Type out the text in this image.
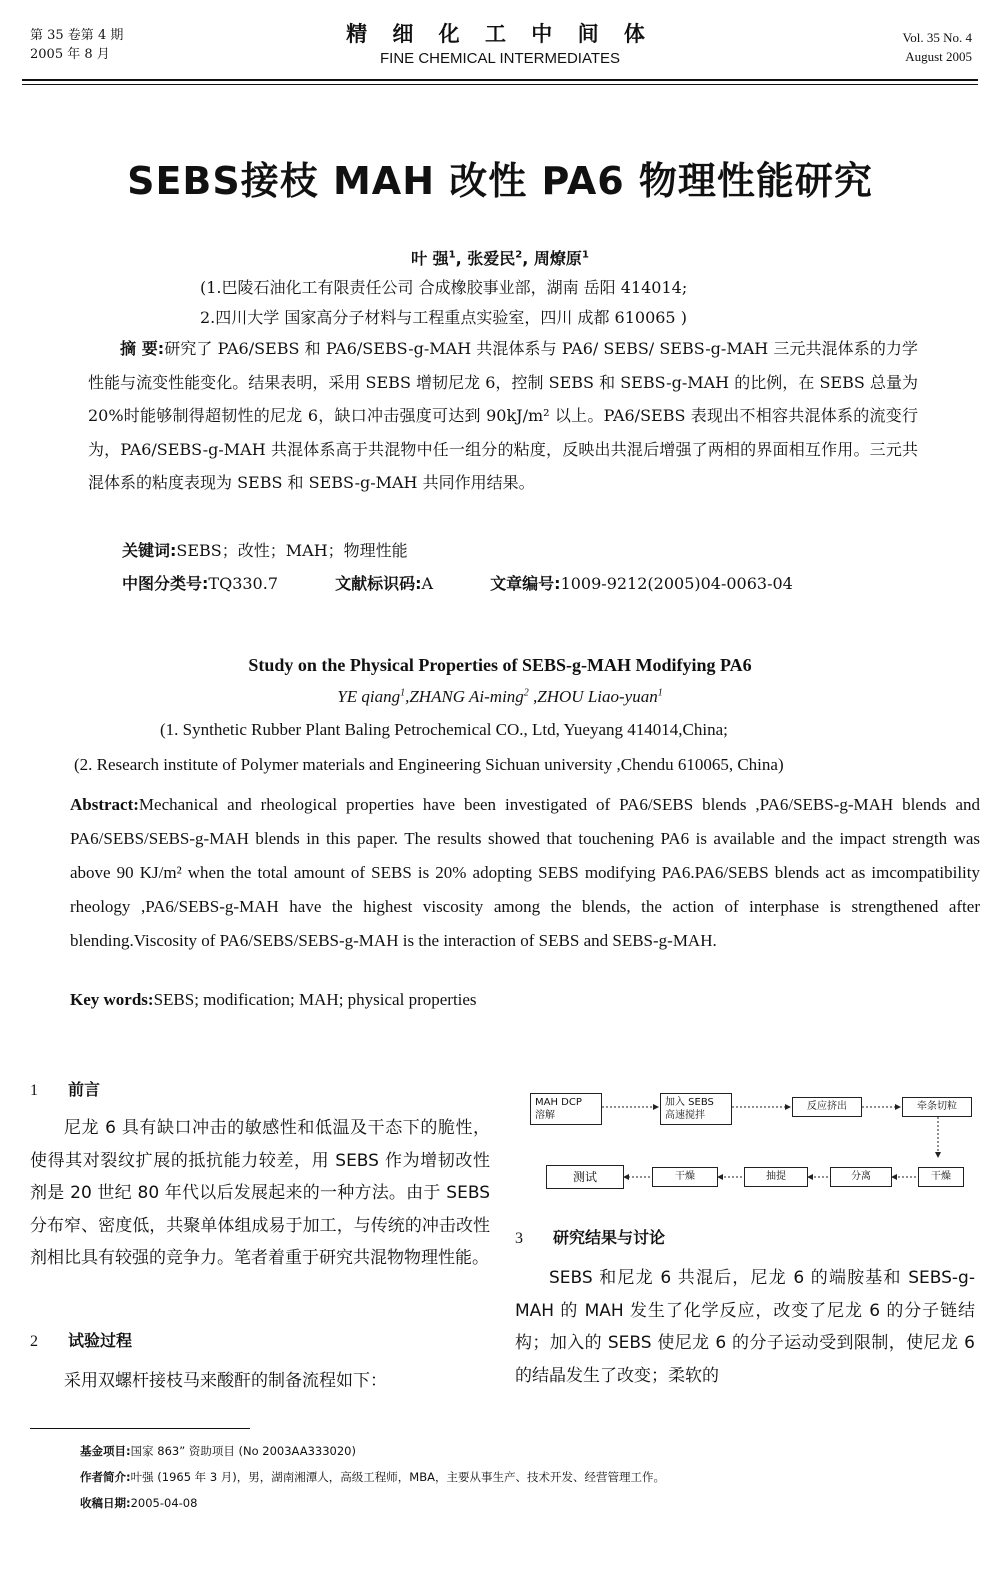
第 35 卷第 4 期
2005 年 8 月
精 细 化 工 中 间 体
FINE CHEMICAL INTERMEDIATES
Vol. 35 No. 4
August 2005
SEBS接枝 MAH 改性 PA6 物理性能研究
叶 强$^1$, 张爱民$^2$, 周燎原$^1$
(1.巴陵石油化工有限责任公司 合成橡胶事业部，湖南 岳阳 414014;
2.四川大学 国家高分子材料与工程重点实验室，四川 成都 610065 )

摘 要:研究了 PA6/SEBS 和 PA6/SEBS-g-MAH 共混体系与 PA6/ SEBS/ SEBS-g-MAH 三元共混体系的力学性能与流变性能变化。结果表明，采用 SEBS 增韧尼龙 6，控制 SEBS 和 SEBS-g-MAH 的比例，在 SEBS 总量为 20%时能够制得超韧性的尼龙 6，缺口冲击强度可达到 90kJ/m² 以上。PA6/SEBS 表现出不相容共混体系的流变行为，PA6/SEBS-g-MAH 共混体系高于共混物中任一组分的粘度，反映出共混后增强了两相的界面相互作用。三元共混体系的粘度表现为 SEBS 和 SEBS-g-MAH 共同作用结果。

关键词:SEBS；改性；MAH；物理性能
中图分类号:TQ330.7	文献标识码:A	文章编号:1009-9212(2005)04-0063-04
Study on the Physical Properties of SEBS-g-MAH Modifying PA6
YE qiang$^1$,ZHANG Ai-ming$^2$ ,ZHOU Liao-yuan$^1$
(1. Synthetic Rubber Plant Baling Petrochemical CO., Ltd, Yueyang 414014,China;
(2. Research institute of Polymer materials and Engineering Sichuan university ,Chendu 610065, China)

Abstract:Mechanical and rheological properties have been investigated of PA6/SEBS blends ,PA6/SEBS-g-MAH blends and PA6/SEBS/SEBS-g-MAH blends in this paper. The results showed that touchening PA6 is available and the impact strength was above 90 KJ/m² when the total amount of SEBS is 20% adopting SEBS modifying PA6.PA6/SEBS blends act as imcompatibility rheology ,PA6/SEBS-g-MAH have the highest viscosity among the blends, the action of interphase is strengthened after blending.Viscosity of PA6/SEBS/SEBS-g-MAH is the interaction of SEBS and SEBS-g-MAH.

Key words:SEBS; modification; MAH; physical properties
1 前言

尼龙 6 具有缺口冲击的敏感性和低温及干态下的脆性，使得其对裂纹扩展的抵抗能力较差，用 SEBS 作为增韧改性剂是 20 世纪 80 年代以后发展起来的一种方法。由于 SEBS 分布窄、密度低，共聚单体组成易于加工，与传统的冲击改性剂相比具有较强的竞争力。笔者着重于研究共混物物理性能。

2 试验过程

采用双螺杆接枝马来酸酐的制备流程如下：

MAH DCP
溶解
加入 SEBS
高速搅拌
反应挤出	牵条切粒
干燥
分离
抽提
干燥
测试
3 研究结果与讨论

SEBS 和尼龙 6 共混后，尼龙 6 的端胺基和 SEBS-g-MAH 的 MAH 发生了化学反应，改变了尼龙 6 的分子链结构；加入的 SEBS 使尼龙 6 的分子运动受到限制，使尼龙 6 的结晶发生了改变；柔软的

基金项目:国家 863” 资助项目 (No 2003AA333020)
作者简介:叶强 (1965 年 3 月)，男，湖南湘潭人，高级工程师，MBA，主要从事生产、技术开发、经营管理工作。
收稿日期:2005-04-08
